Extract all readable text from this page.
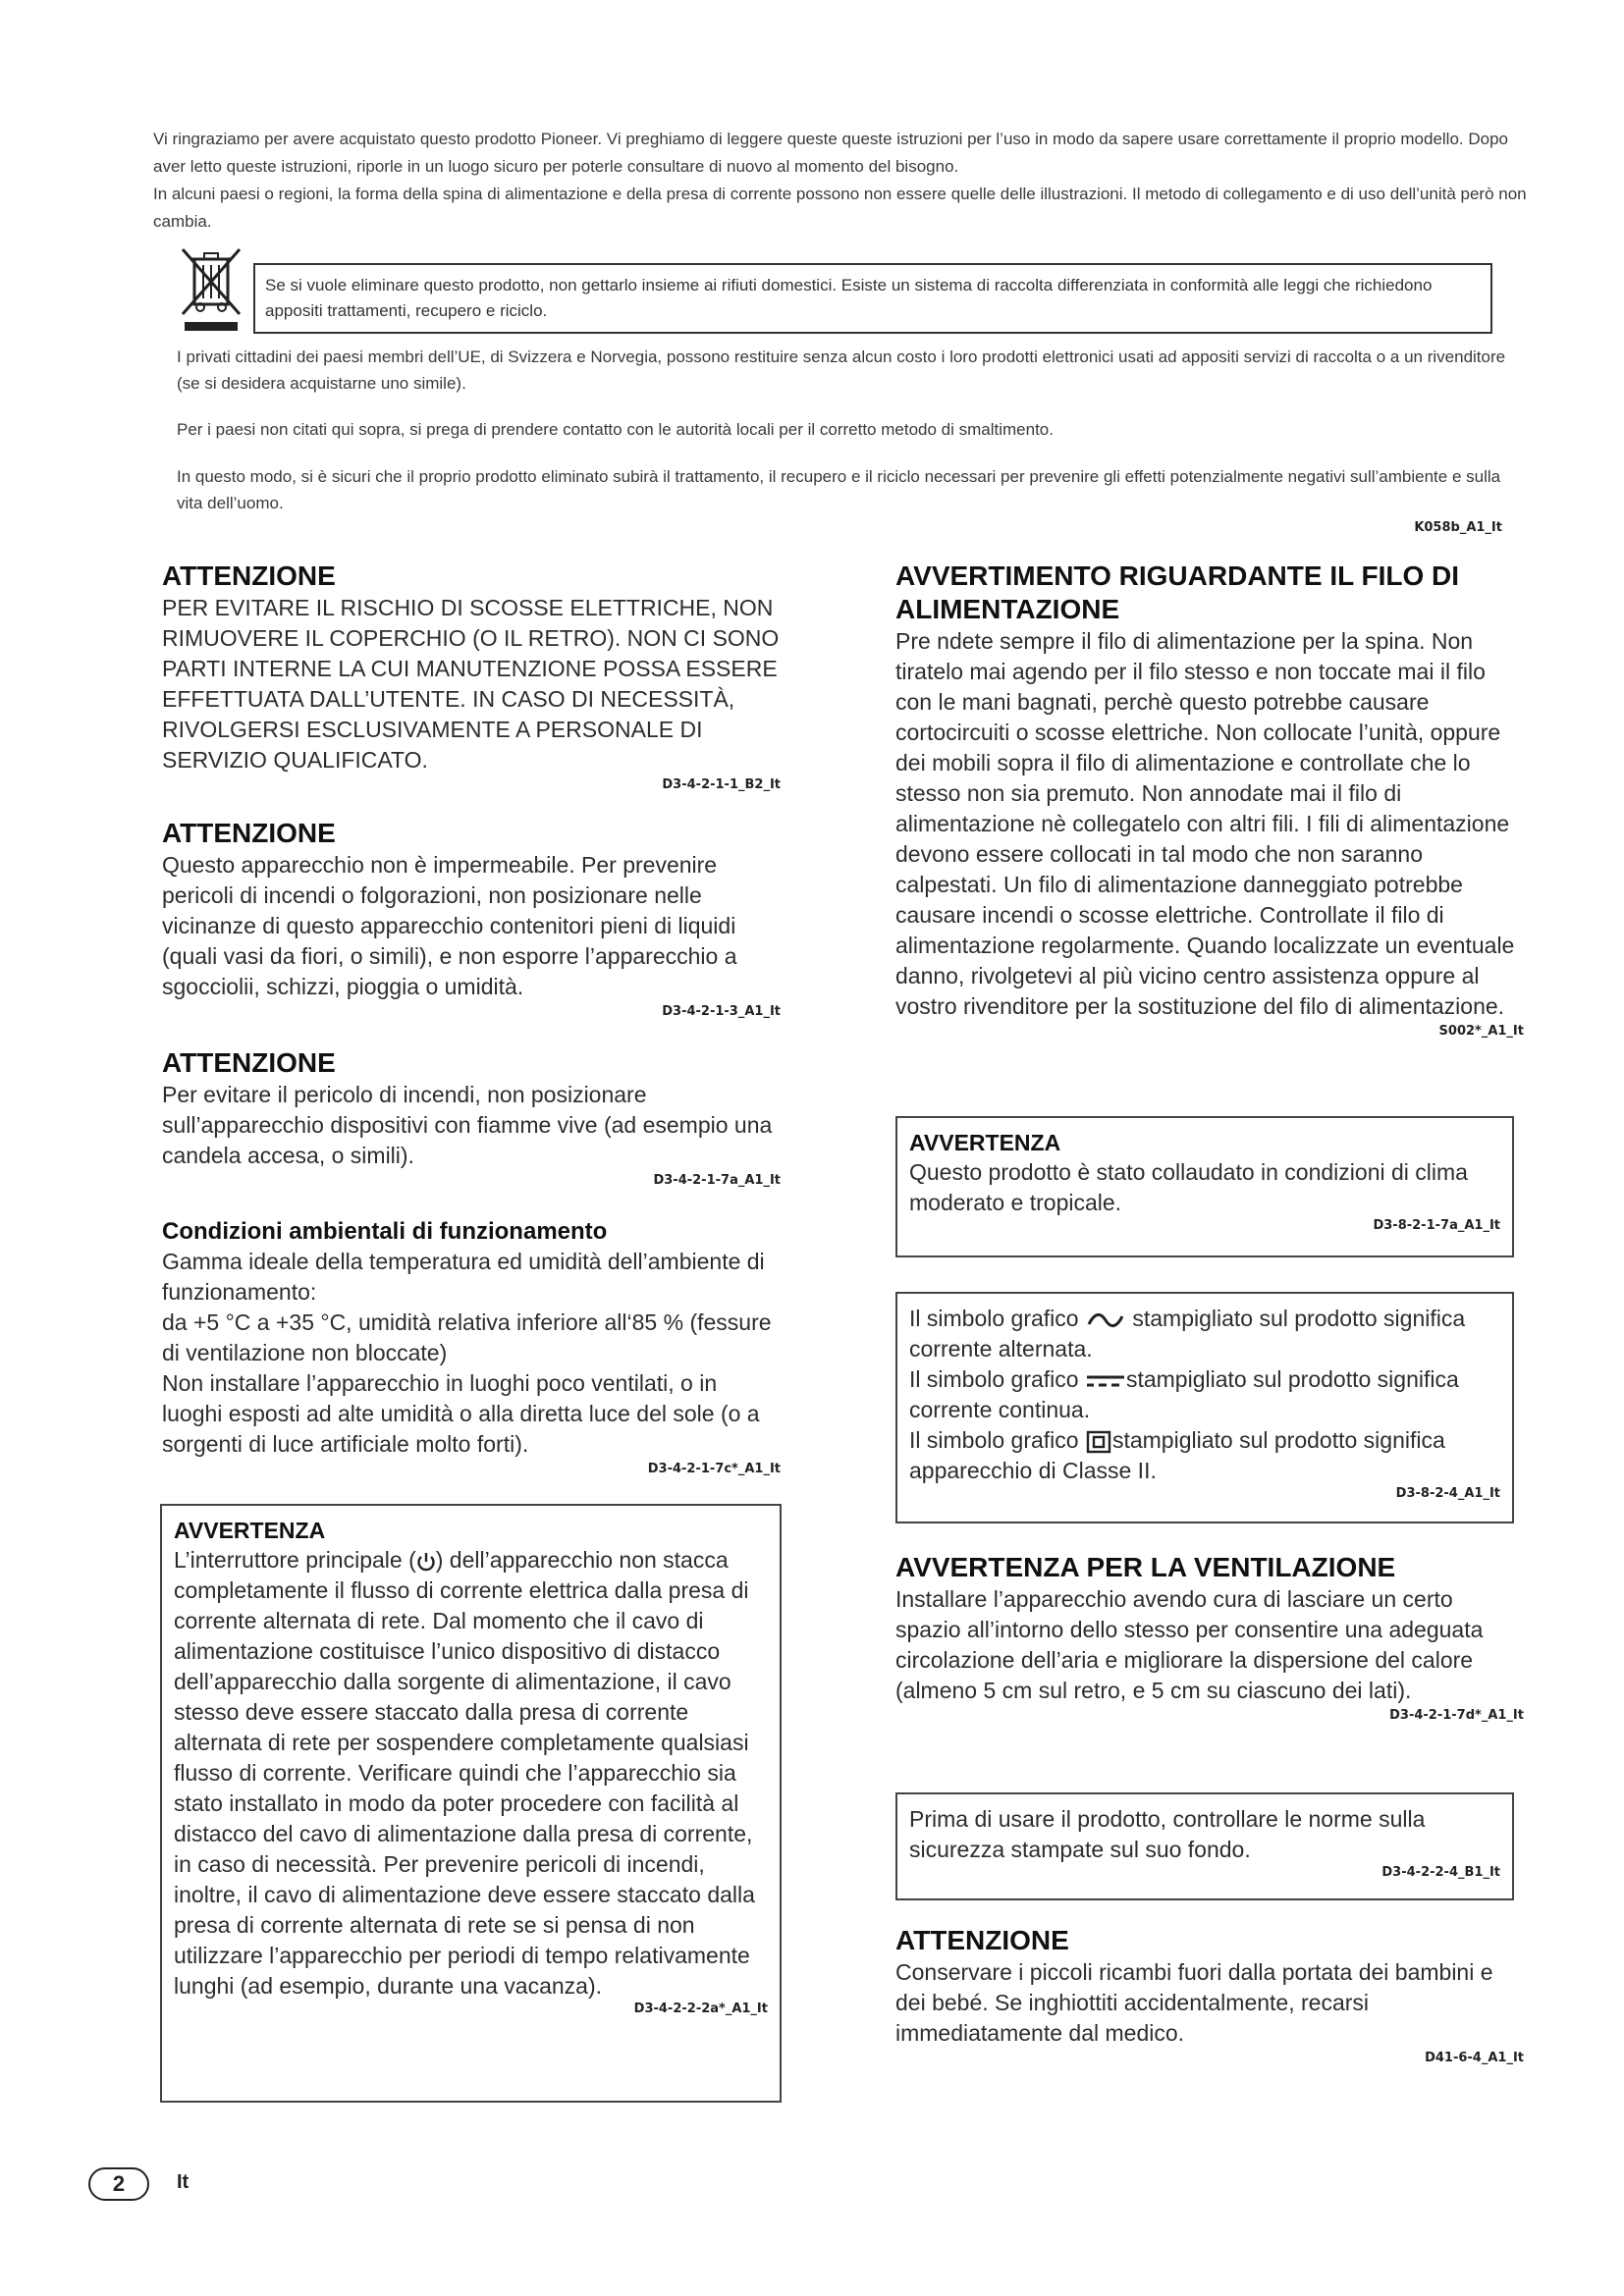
Vi ringraziamo per avere acquistato questo prodotto Pioneer. Vi preghiamo di leggere queste queste istruzioni per l’uso in modo da sapere usare correttamente il proprio modello. Dopo aver letto queste istruzioni, riporle in un luogo sicuro per poterle consultare di nuovo al momento del bisogno.

In alcuni paesi o regioni, la forma della spina di alimentazione e della presa di corrente possono non essere quelle delle illustrazioni. Il metodo di collegamento e di uso dell’unità però non cambia.

Se si vuole eliminare questo prodotto, non gettarlo insieme ai rifiuti domestici. Esiste un sistema di raccolta differenziata in conformità alle leggi che richiedono appositi trattamenti, recupero e riciclo.

I privati cittadini dei paesi membri dell’UE, di Svizzera e Norvegia, possono restituire senza alcun costo i loro prodotti elettronici usati ad appositi servizi di raccolta o a un rivenditore (se si desidera acquistarne uno simile).

Per i paesi non citati qui sopra, si prega di prendere contatto con le autorità locali per il corretto metodo di smaltimento.

In questo modo, si è sicuri che il proprio prodotto eliminato subirà il trattamento, il recupero e il riciclo necessari per prevenire gli effetti potenzialmente negativi sull’ambiente e sulla vita dell’uomo.

K058b_A1_It
ATTENZIONE

PER EVITARE IL RISCHIO DI SCOSSE ELETTRICHE, NON RIMUOVERE IL COPERCHIO (O IL RETRO). NON CI SONO PARTI INTERNE LA CUI MANUTENZIONE POSSA ESSERE EFFETTUATA DALL’UTENTE. IN CASO DI NECESSITÀ, RIVOLGERSI ESCLUSIVAMENTE A PERSONALE DI SERVIZIO QUALIFICATO.

D3-4-2-1-1_B2_It
ATTENZIONE

Questo apparecchio non è impermeabile. Per prevenire pericoli di incendi o folgorazioni, non posizionare nelle vicinanze di questo apparecchio contenitori pieni di liquidi (quali vasi da fiori, o simili), e non esporre l’apparecchio a sgocciolii, schizzi, pioggia o umidità.

D3-4-2-1-3_A1_It
ATTENZIONE

Per evitare il pericolo di incendi, non posizionare sull’apparecchio dispositivi con fiamme vive (ad esempio una candela accesa, o simili).

D3-4-2-1-7a_A1_It
Condizioni ambientali di funzionamento

Gamma ideale della temperatura ed umidità dell’ambiente di funzionamento:

da +5 °C a +35 °C, umidità relativa inferiore all‘85 % (fessure di ventilazione non bloccate)

Non installare l’apparecchio in luoghi poco ventilati, o in luoghi esposti ad alte umidità o alla diretta luce del sole (o a sorgenti di luce artificiale molto forti).

D3-4-2-1-7c*_A1_It
AVVERTENZA

L’interruttore principale ( ) dell’apparecchio non stacca completamente il flusso di corrente elettrica dalla presa di corrente alternata di rete. Dal momento che il cavo di alimentazione costituisce l’unico dispositivo di distacco dell’apparecchio dalla sorgente di alimentazione, il cavo stesso deve essere staccato dalla presa di corrente alternata di rete per sospendere completamente qualsiasi flusso di corrente. Verificare quindi che l’apparecchio sia stato installato in modo da poter procedere con facilità al distacco del cavo di alimentazione dalla presa di corrente, in caso di necessità. Per prevenire pericoli di incendi, inoltre, il cavo di alimentazione deve essere staccato dalla presa di corrente alternata di rete se si pensa di non utilizzare l’apparecchio per periodi di tempo relativamente lunghi (ad esempio, durante una vacanza).

D3-4-2-2-2a*_A1_It
AVVERTIMENTO RIGUARDANTE IL FILO DI ALIMENTAZIONE

Pre ndete sempre il filo di alimentazione per la spina. Non tiratelo mai agendo per il filo stesso e non toccate mai il filo con le mani bagnati, perchè questo potrebbe causare cortocircuiti o scosse elettriche. Non collocate l’unità, oppure dei mobili sopra il filo di alimentazione e controllate che lo stesso non sia premuto. Non annodate mai il filo di alimentazione nè collegatelo con altri fili. I fili di alimentazione devono essere collocati in tal modo che non saranno calpestati. Un filo di alimentazione danneggiato potrebbe causare incendi o scosse elettriche. Controllate il filo di alimentazione regolarmente. Quando localizzate un eventuale danno, rivolgetevi al più vicino centro assistenza oppure al vostro rivenditore per la sostituzione del filo di alimentazione.

S002*_A1_It
AVVERTENZA

Questo prodotto è stato collaudato in condizioni di clima moderato e tropicale.

D3-8-2-1-7a_A1_It

Il simbolo grafico stampigliato sul prodotto significa corrente alternata.

Il simbolo grafico stampigliato sul prodotto significa corrente continua.

Il simbolo grafico stampigliato sul prodotto significa apparecchio di Classe II.

D3-8-2-4_A1_It
AVVERTENZA PER LA VENTILAZIONE

Installare l’apparecchio avendo cura di lasciare un certo spazio all’intorno dello stesso per consentire una adeguata circolazione dell’aria e migliorare la dispersione del calore (almeno 5 cm sul retro, e 5 cm su ciascuno dei lati).

D3-4-2-1-7d*_A1_It

Prima di usare il prodotto, controllare le norme sulla sicurezza stampate sul suo fondo.

D3-4-2-2-4_B1_It
ATTENZIONE

Conservare i piccoli ricambi fuori dalla portata dei bambini e dei bebé. Se inghiottiti accidentalmente, recarsi immediatamente dal medico.

D41-6-4_A1_It
2	It
